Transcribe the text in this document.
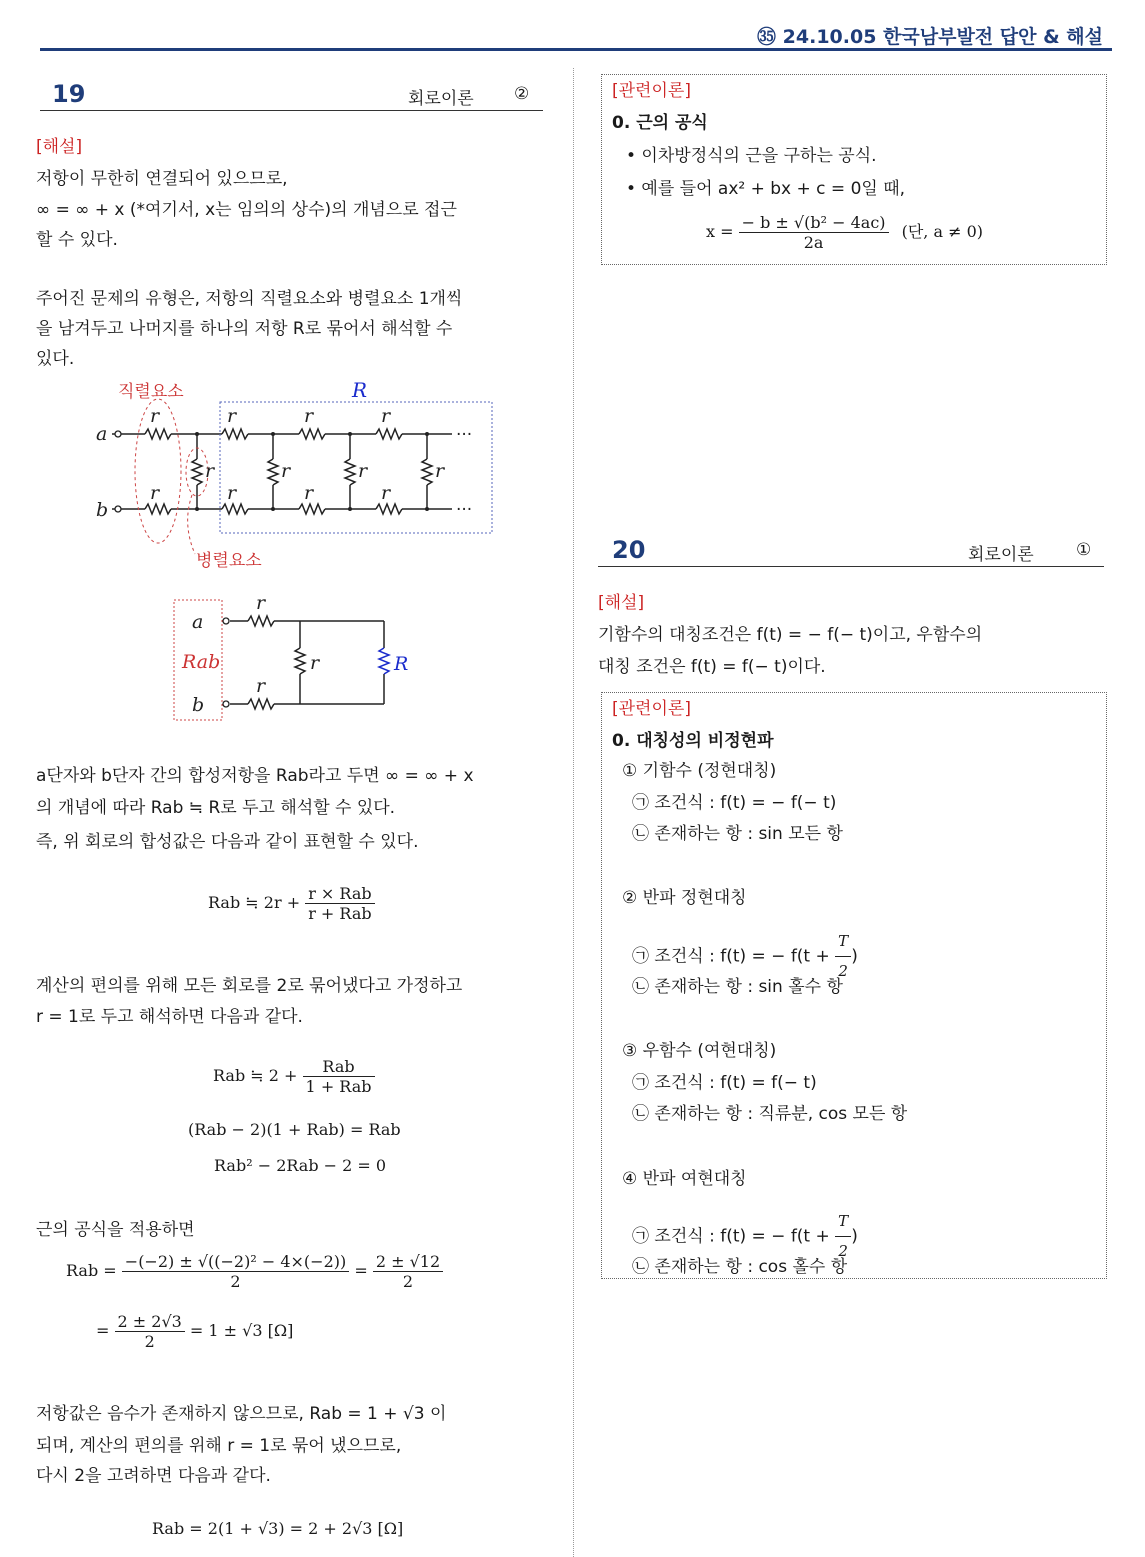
㉟ 24.10.05 한국남부발전 답안 & 해설
19	회로이론 ②
[해설]
저항이 무한히 연결되어 있으므로,
∞ = ∞ + x (*여기서, x는 임의의 상수)의 개념으로 접근
할 수 있다.
주어진 문제의 유형은, 저항의 직렬요소와 병렬요소 1개씩
을 남겨두고 나머지를 하나의 저항 R로 묶어서 해석할 수
있다.
a
b
r	r	r	r
r	r	r	r
r	r	r	r
···
···
직렬요소	R
병렬요소
a
b
r
r
r	R
Rab
a단자와 b단자 간의 합성저항을 Rab라고 두면 ∞ = ∞ + x
의 개념에 따라 Rab ≒ R로 두고 해석할 수 있다.
즉, 위 회로의 합성값은 다음과 같이 표현할 수 있다.
Rab ≒ $2r + \frac{\text{r × Rab}}{\text{r + Rab}}$
계산의 편의를 위해 모든 회로를 2로 묶어냈다고 가정하고
r = 1로 두고 해석하면 다음과 같다.
Rab ≒ $2 + \frac{\text{Rab}}{\text{1 + Rab}}$
(Rab − 2)(1 + Rab) = Rab
Rab² − 2Rab − 2 = 0
근의 공식을 적용하면
Rab = $\frac{\text{−(−2) ± √((−2)² − 4×(−2))}}{2} = \frac{2 \pm √12}{2}$
= $\frac{2 \pm 2√3}{2} = 1 \pm √3$ [Ω]
저항값은 음수가 존재하지 않으므로, Rab = 1 + √3 이
되며, 계산의 편의를 위해 r = 1로 묶어 냈으므로,
다시 2을 고려하면 다음과 같다.
Rab = 2(1 + √3) = 2 + 2√3 [Ω]
[관련이론]
0. 근의 공식
• 이차방정식의 근을 구하는 공식.
• 예를 들어 ax² + bx + c = 0일 때,
$x = \frac{\text{− b ± √(b² − 4ac)}}{2a}$ (단, a ≠ 0)
20	회로이론 ①
[해설]
기함수의 대칭조건은 f(t) = − f(− t)이고, 우함수의
대칭 조건은 f(t) = f(− t)이다.
[관련이론]
0. 대칭성의 비정현파
① 기함수 (정현대칭)
㉠ 조건식 : f(t) = − f(− t)
㉡ 존재하는 항 : sin 모든 항
② 반파 정현대칭
㉠ 조건식 : f(t) = − $f(t + \frac{T}{2}$ )
㉡ 존재하는 항 : sin 홀수 항
③ 우함수 (여현대칭)
㉠ 조건식 : f(t) = f(− t)
㉡ 존재하는 항 : 직류분, cos 모든 항
④ 반파 여현대칭
㉠ 조건식 : f(t) = − $f(t + \frac{T}{2}$ )
㉡ 존재하는 항 : cos 홀수 항
